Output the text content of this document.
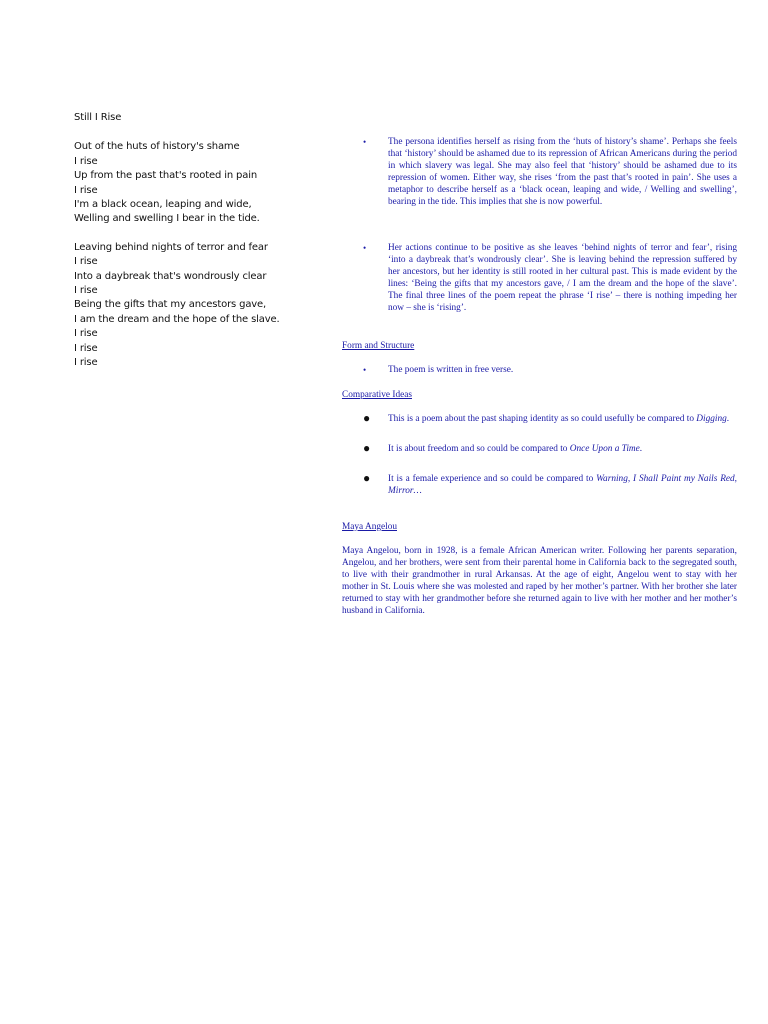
Still I Rise
Out of the huts of history's shame
I rise
Up from the past that's rooted in pain
I rise
I'm a black ocean, leaping and wide,
Welling and swelling I bear in the tide.
Leaving behind nights of terror and fear
I rise
Into a daybreak that's wondrously clear
I rise
Being the gifts that my ancestors gave,
I am the dream and the hope of the slave.
I rise
I rise
I rise
• The persona identifies herself as rising from the ‘huts of history’s shame’. Perhaps she feels that ‘history’ should be ashamed due to its repression of African Americans during the period in which slavery was legal. She may also feel that ‘history’ should be ashamed due to its repression of women. Either way, she rises ‘from the past that’s rooted in pain’. She uses a metaphor to describe herself as a ‘black ocean, leaping and wide, / Welling and swelling’, bearing in the tide. This implies that she is now powerful.
• Her actions continue to be positive as she leaves ‘behind nights of terror and fear’, rising ‘into a daybreak that’s wondrously clear’. She is leaving behind the repression suffered by her ancestors, but her identity is still rooted in her cultural past. This is made evident by the lines: ‘Being the gifts that my ancestors gave, / I am the dream and the hope of the slave’. The final three lines of the poem repeat the phrase ‘I rise’ – there is nothing impeding her now – she is ‘rising’.
Form and Structure
• The poem is written in free verse.
Comparative Ideas
● This is a poem about the past shaping identity as so could usefully be compared to Digging.
● It is about freedom and so could be compared to Once Upon a Time.
● It is a female experience and so could be compared to Warning, I Shall Paint my Nails Red, Mirror…
Maya Angelou
Maya Angelou, born in 1928, is a female African American writer. Following her parents separation, Angelou, and her brothers, were sent from their parental home in California back to the segregated south, to live with their grandmother in rural Arkansas. At the age of eight, Angelou went to stay with her mother in St. Louis where she was molested and raped by her mother’s partner. With her brother she later returned to stay with her grandmother before she returned again to live with her mother and her mother’s husband in California.
